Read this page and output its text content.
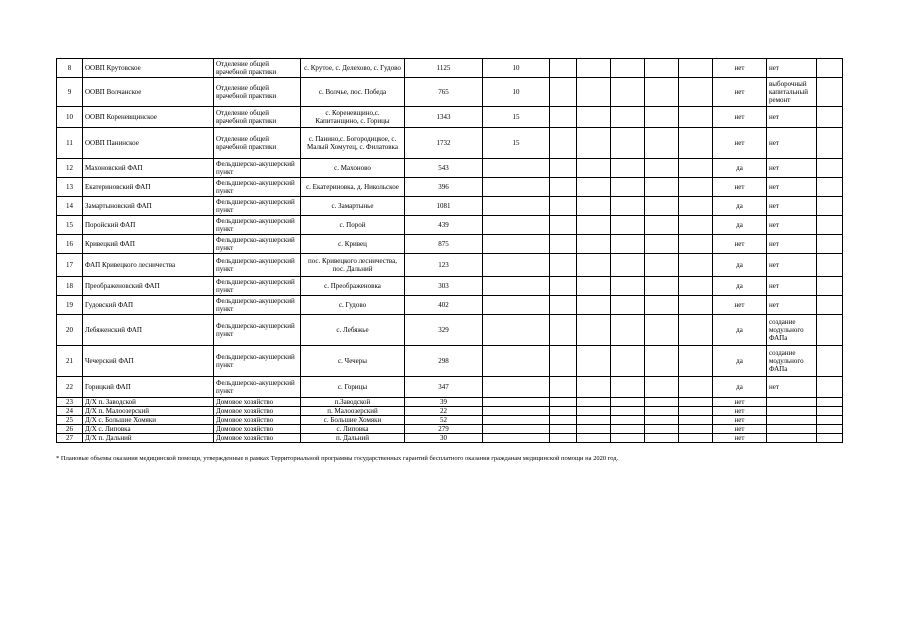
8	ООВП Крутовское	Отделение общей врачебной практики	с. Крутое, с. Делехово, с. Гудово	1125	10						нет	нет	
9	ООВП Волчанское	Отделение общей врачебной практики	с. Волчье, пос. Победа	765	10						нет	выборочный капитальный ремонт	
10	ООВП Кореневщинское	Отделение общей врачебной практики	с. Кореневщино,с. Капитанщино, с. Горицы	1343	15						нет	нет	
11	ООВП Панинское	Отделение общей врачебной практики	с. Панино,с. Богородицкое, с. Малый Хомутец, с. Филатовка	1732	15						нет	нет	
12	Махоновский ФАП	Фельдшерско-акушерский пункт	с. Махоново	543							да	нет	
13	Екатериновский ФАП	Фельдшерско-акушерский пункт	с. Екатериновка, д. Никольское	396							нет	нет	
14	Замартыновский ФАП	Фельдшерско-акушерский пункт	с. Замартынье	1081							да	нет	
15	Поройский ФАП	Фельдшерско-акушерский пункт	с. Порой	439							да	нет	
16	Кривецкий ФАП	Фельдшерско-акушерский пункт	с. Кривец	875							нет	нет	
17	ФАП Кривецкого лесничества	Фельдшерско-акушерский пункт	пос. Кривецкого лесничества, пос. Дальний	123							да	нет	
18	Преображеновский ФАП	Фельдшерско-акушерский пункт	с. Преображеновка	303							да	нет	
19	Гудовский ФАП	Фельдшерско-акушерский пункт	с. Гудово	402							нет	нет	
20	Лебяженский ФАП	Фельдшерско-акушерский пункт	с. Лебяжье	329							да	создание модульного ФАПа	
21	Чечерский ФАП	Фельдшерско-акушерский пункт	с. Чечеры	298							да	создание модульного ФАПа	
22	Горицкий ФАП	Фельдшерско-акушерский пункт	с. Горицы	347							да	нет	
23	Д/Х п. Заводской	Домовое хозяйство	п.Заводской	39							нет		
24	Д/Х п. Малоозерский	Домовое хозяйство	п. Малоозерский	22							нет		
25	Д/Х с. Большие Хомяки	Домовое хозяйство	с. Большие Хомяки	52							нет		
26	Д/Х с. Липовка	Домовое хозяйство	с. Липовка	279							нет		
27	Д/Х п. Дальний	Домовое хозяйство	п. Дальний	30							нет		
* Плановые объемы оказания медицинской помощи, утвержденные в рамках Территориальной программы государственных гарантий бесплатного оказания гражданам медицинской помощи на 2020 год.
